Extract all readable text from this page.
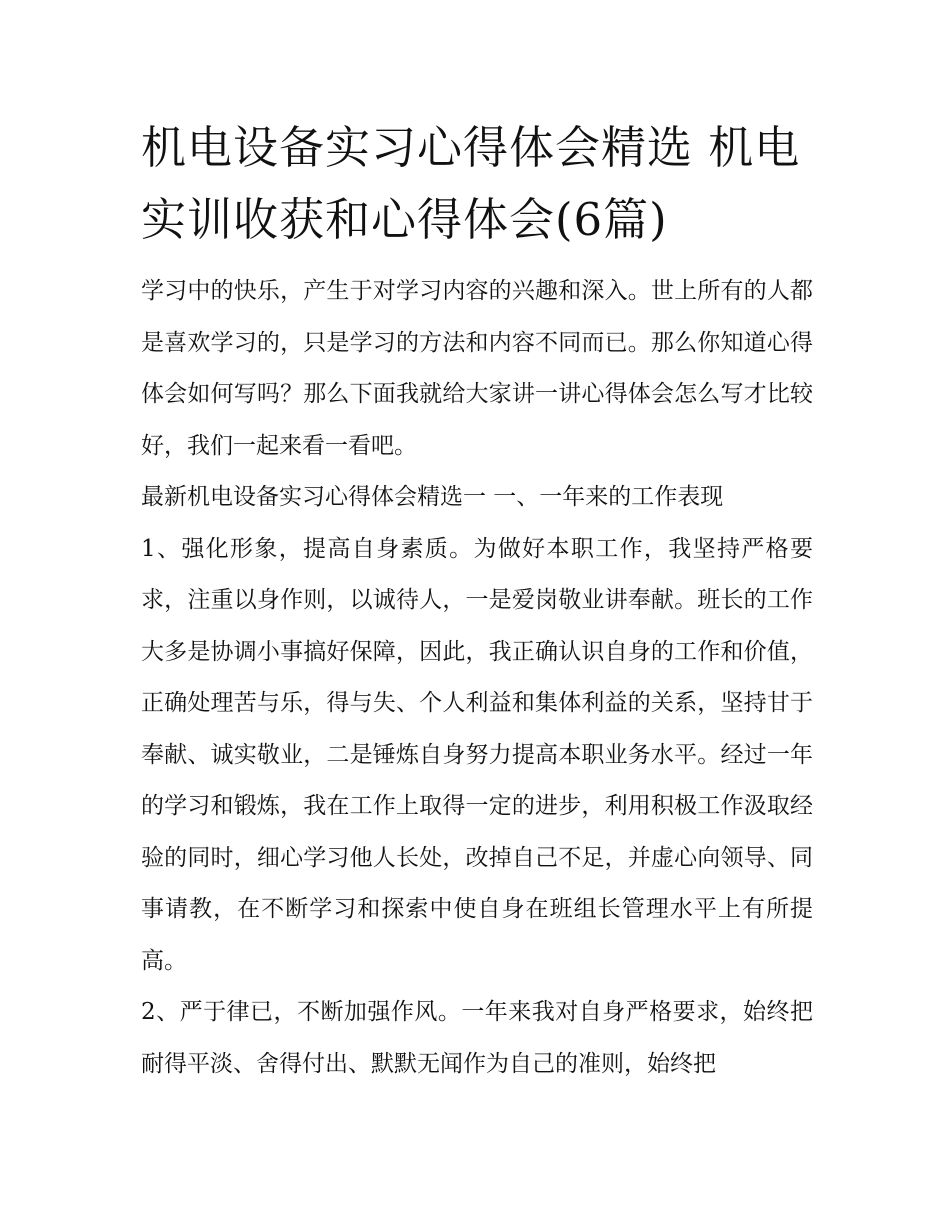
机电设备实习心得体会精选 机电实训收获和心得体会(6篇)

学习中的快乐，产生于对学习内容的兴趣和深入。世上所有的人都是喜欢学习的，只是学习的方法和内容不同而已。那么你知道心得体会如何写吗？那么下面我就给大家讲一讲心得体会怎么写才比较好，我们一起来看一看吧。

最新机电设备实习心得体会精选一 一、一年来的工作表现

1、强化形象，提高自身素质。为做好本职工作，我坚持严格要求，注重以身作则，以诚待人，一是爱岗敬业讲奉献。班长的工作大多是协调小事搞好保障，因此，我正确认识自身的工作和价值，正确处理苦与乐，得与失、个人利益和集体利益的关系，坚持甘于奉献、诚实敬业，二是锤炼自身努力提高本职业务水平。经过一年的学习和锻炼，我在工作上取得一定的进步，利用积极工作汲取经验的同时，细心学习他人长处，改掉自己不足，并虚心向领导、同事请教，在不断学习和探索中使自身在班组长管理水平上有所提高。

2、严于律已，不断加强作风。一年来我对自身严格要求，始终把耐得平淡、舍得付出、默默无闻作为自己的准则，始终把
